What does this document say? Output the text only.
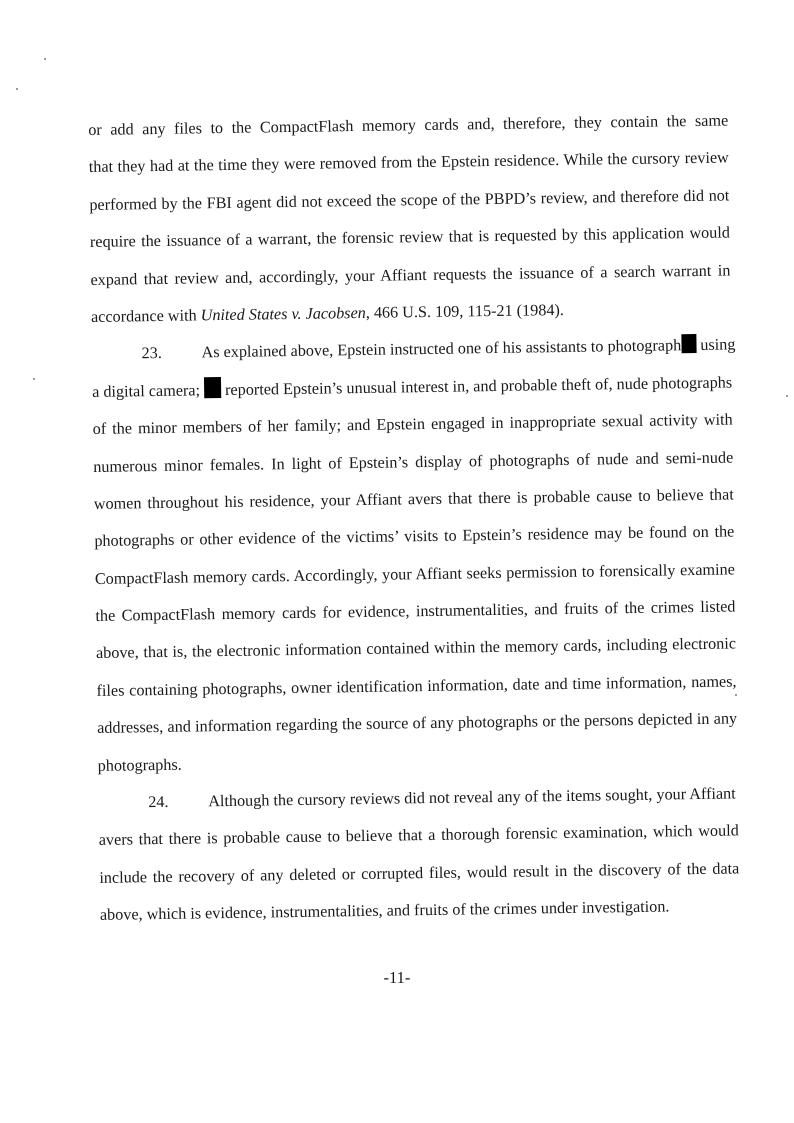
or add any files to the CompactFlash memory cards and, therefore, they contain the same
that they had at the time they were removed from the Epstein residence. While the cursory review
performed by the FBI agent did not exceed the scope of the PBPD’s review, and therefore did not
require the issuance of a warrant, the forensic review that is requested by this application would
expand that review and, accordingly, your Affiant requests the issuance of a search warrant in
accordance with United States v. Jacobsen, 466 U.S. 109, 115-21 (1984).
23. As explained above, Epstein instructed one of his assistants to photograph using
a digital camera;  reported Epstein’s unusual interest in, and probable theft of, nude photographs
of the minor members of her family; and Epstein engaged in inappropriate sexual activity with
numerous minor females. In light of Epstein’s display of photographs of nude and semi-nude
women throughout his residence, your Affiant avers that there is probable cause to believe that
photographs or other evidence of the victims’ visits to Epstein’s residence may be found on the
CompactFlash memory cards. Accordingly, your Affiant seeks permission to forensically examine
the CompactFlash memory cards for evidence, instrumentalities, and fruits of the crimes listed
above, that is, the electronic information contained within the memory cards, including electronic
files containing photographs, owner identification information, date and time information, names,
addresses, and information regarding the source of any photographs or the persons depicted in any
photographs.
24. Although the cursory reviews did not reveal any of the items sought, your Affiant
avers that there is probable cause to believe that a thorough forensic examination, which would
include the recovery of any deleted or corrupted files, would result in the discovery of the data
above, which is evidence, instrumentalities, and fruits of the crimes under investigation.
-11-
